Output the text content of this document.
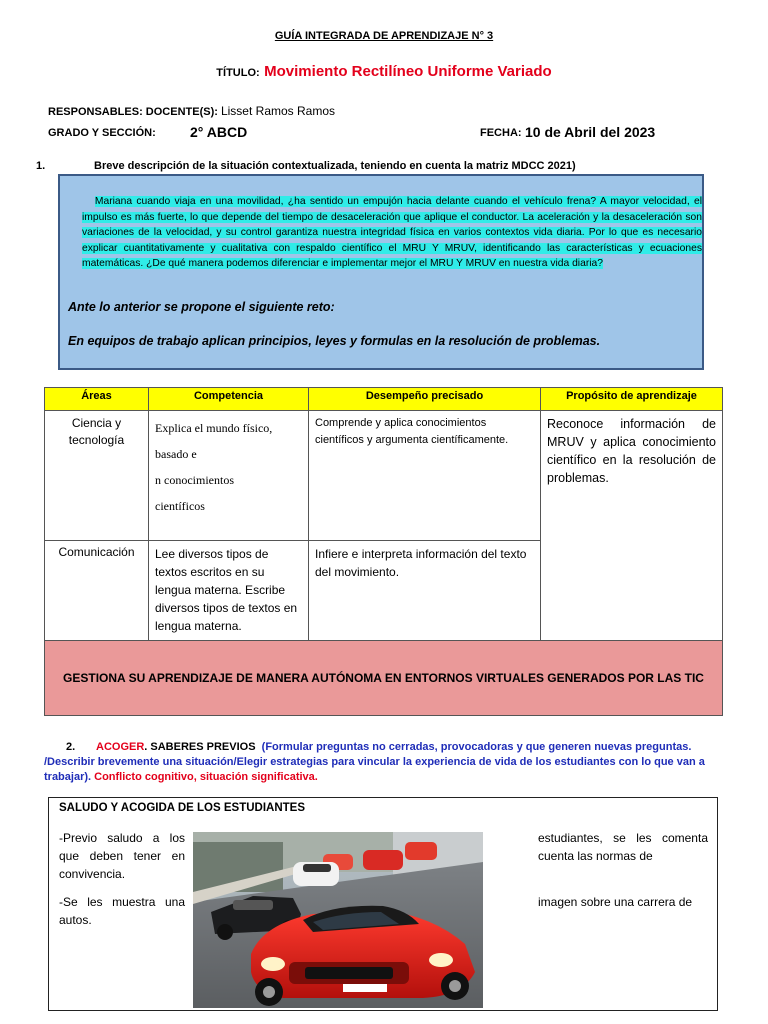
GUÍA INTEGRADA DE APRENDIZAJE N° 3
TÍTULO: Movimiento Rectilíneo Uniforme Variado
RESPONSABLES: DOCENTE(S): Lisset Ramos Ramos
GRADO Y SECCIÓN: 2° ABCD	FECHA: 10 de Abril del 2023
1.	Breve descripción de la situación contextualizada, teniendo en cuenta la matriz MDCC 2021)
Mariana cuando viaja en una movilidad, ¿ha sentido un empujón hacia delante cuando el vehículo frena? A mayor velocidad, el impulso es más fuerte, lo que depende del tiempo de desaceleración que aplique el conductor. La aceleración y la desaceleración son variaciones de la velocidad, y su control garantiza nuestra integridad física en varios contextos vida diaria. Por lo que es necesario explicar cuantitativamente y cualitativa con respaldo científico el MRU Y MRUV, identificando las características y ecuaciones matemáticas. ¿De qué manera podemos diferenciar e implementar mejor el MRU Y MRUV en nuestra vida diaria?
Ante lo anterior se propone el siguiente reto:
En equipos de trabajo aplican principios, leyes y formulas en la resolución de problemas.
Áreas	Competencia	Desempeño precisado	Propósito de aprendizaje
Ciencia y tecnología	Explica el mundo físico,
basado e
n conocimientos
científicos	Comprende y aplica conocimientos científicos y argumenta científicamente.	Reconoce información de MRUV y aplica conocimiento científico en la resolución de problemas.
Comunicación	Lee diversos tipos de textos escritos en su lengua materna. Escribe diversos tipos de textos en lengua materna.	Infiere e interpreta información del texto del movimiento.	
GESTIONA SU APRENDIZAJE DE MANERA AUTÓNOMA EN ENTORNOS VIRTUALES GENERADOS POR LAS TIC			
2. ACOGER. SABERES PREVIOS (Formular preguntas no cerradas, provocadoras y que generen nuevas preguntas. /Describir brevemente una situación/Elegir estrategias para vincular la experiencia de vida de los estudiantes con lo que van a trabajar). Conflicto cognitivo, situación significativa.
SALUDO Y ACOGIDA DE LOS ESTUDIANTES
-Previo saludo a los que deben tener en convivencia.
-Se les muestra una autos.
estudiantes, se les comenta cuenta las normas de
imagen sobre una carrera de
